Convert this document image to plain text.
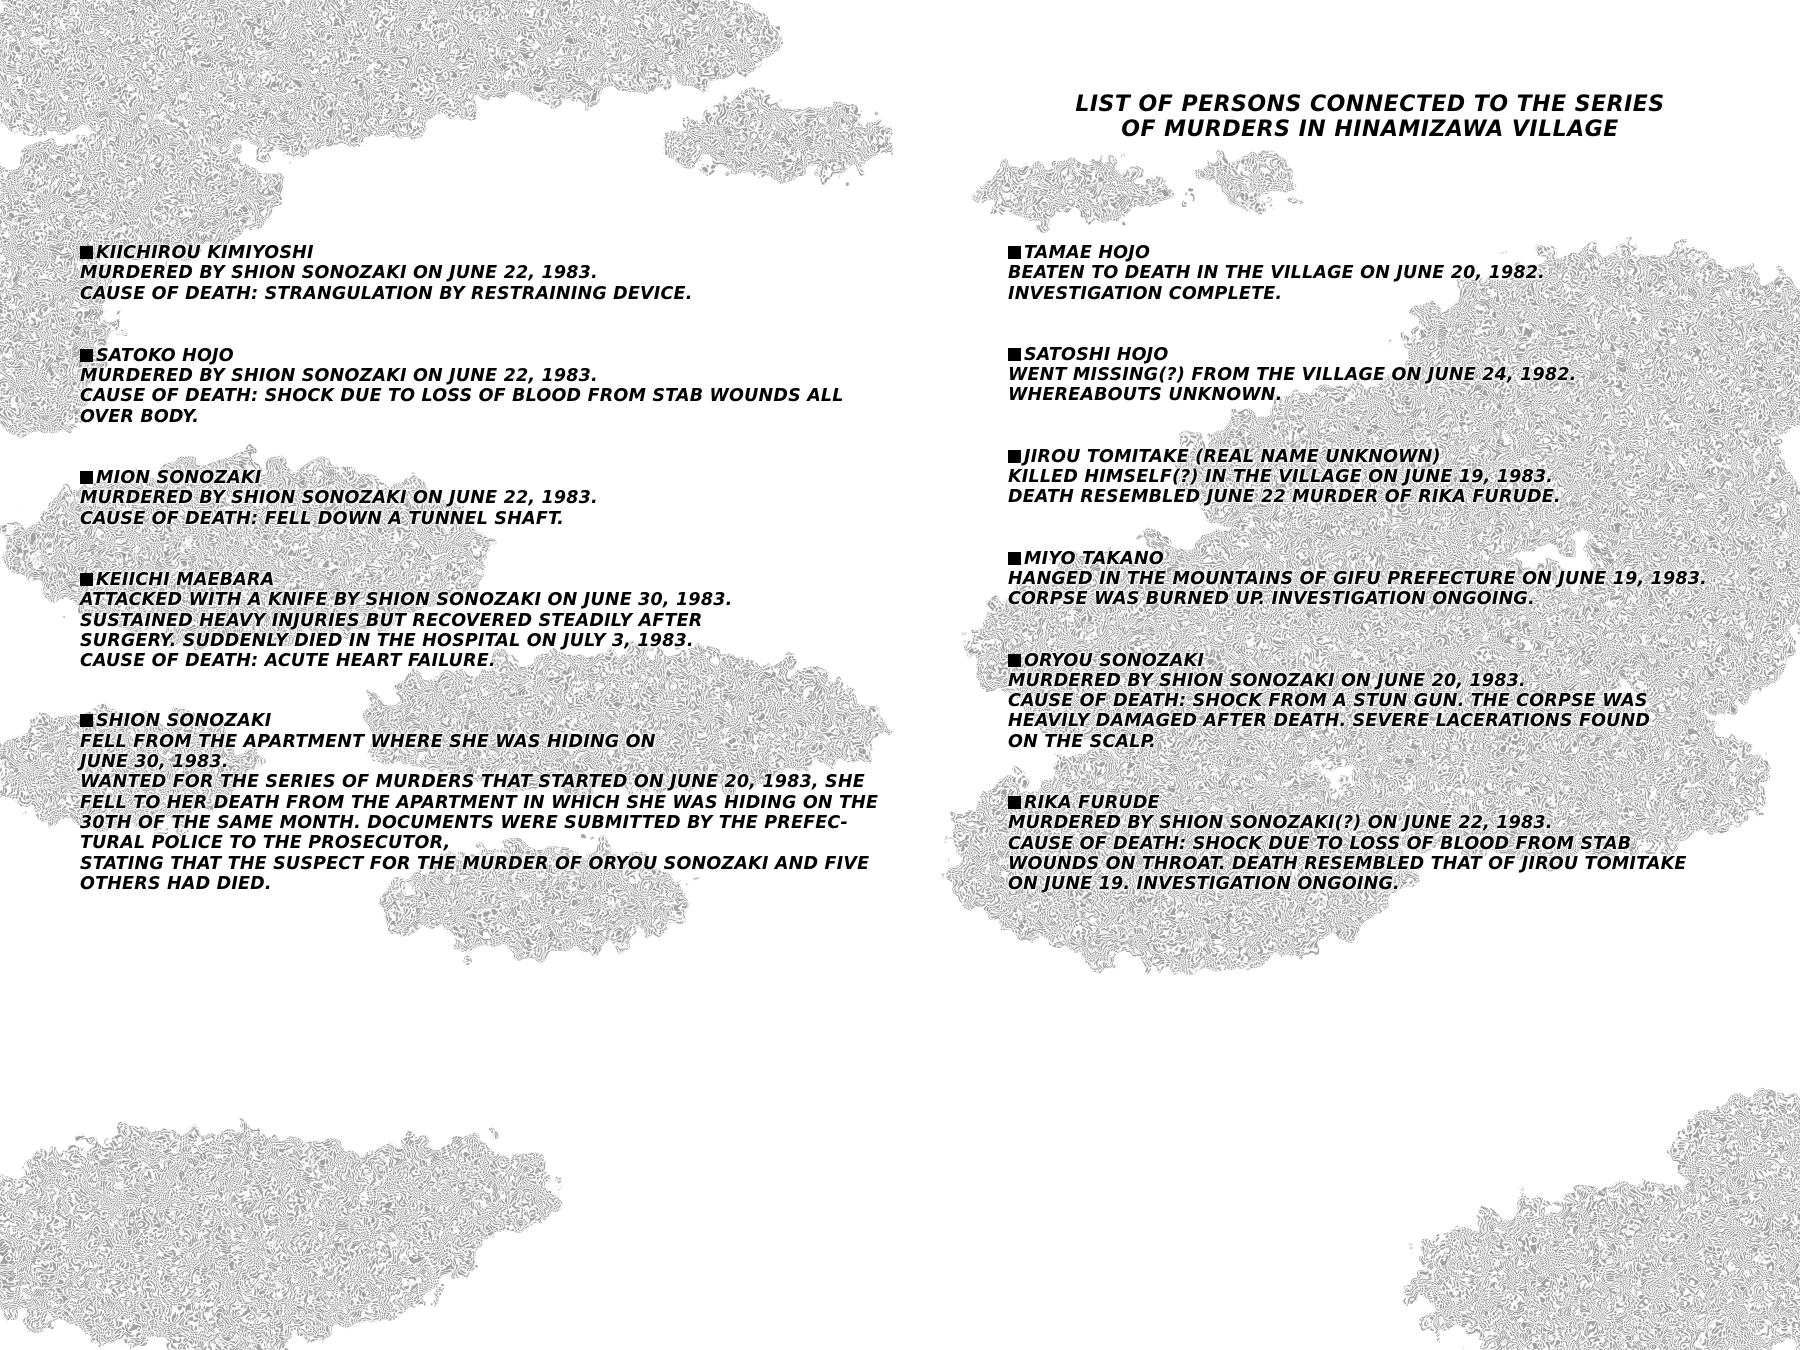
LIST OF PERSONS CONNECTED TO THE SERIES
OF MURDERS IN HINAMIZAWA VILLAGE
KIICHIROU KIMIYOSHI
MURDERED BY SHION SONOZAKI ON JUNE 22, 1983.
CAUSE OF DEATH: STRANGULATION BY RESTRAINING DEVICE.
SATOKO HOJO
MURDERED BY SHION SONOZAKI ON JUNE 22, 1983.
CAUSE OF DEATH: SHOCK DUE TO LOSS OF BLOOD FROM STAB WOUNDS ALL
OVER BODY.
MION SONOZAKI
MURDERED BY SHION SONOZAKI ON JUNE 22, 1983.
CAUSE OF DEATH: FELL DOWN A TUNNEL SHAFT.
KEIICHI MAEBARA
ATTACKED WITH A KNIFE BY SHION SONOZAKI ON JUNE 30, 1983.
SUSTAINED HEAVY INJURIES BUT RECOVERED STEADILY AFTER
SURGERY. SUDDENLY DIED IN THE HOSPITAL ON JULY 3, 1983.
CAUSE OF DEATH: ACUTE HEART FAILURE.
SHION SONOZAKI
FELL FROM THE APARTMENT WHERE SHE WAS HIDING ON
JUNE 30, 1983.
WANTED FOR THE SERIES OF MURDERS THAT STARTED ON JUNE 20, 1983, SHE
FELL TO HER DEATH FROM THE APARTMENT IN WHICH SHE WAS HIDING ON THE
30TH OF THE SAME MONTH. DOCUMENTS WERE SUBMITTED BY THE PREFEC-
TURAL POLICE TO THE PROSECUTOR,
STATING THAT THE SUSPECT FOR THE MURDER OF ORYOU SONOZAKI AND FIVE
OTHERS HAD DIED.
TAMAE HOJO
BEATEN TO DEATH IN THE VILLAGE ON JUNE 20, 1982.
INVESTIGATION COMPLETE.
SATOSHI HOJO
WENT MISSING(?) FROM THE VILLAGE ON JUNE 24, 1982.
WHEREABOUTS UNKNOWN.
JIROU TOMITAKE (REAL NAME UNKNOWN)
KILLED HIMSELF(?) IN THE VILLAGE ON JUNE 19, 1983.
DEATH RESEMBLED JUNE 22 MURDER OF RIKA FURUDE.
MIYO TAKANO
HANGED IN THE MOUNTAINS OF GIFU PREFECTURE ON JUNE 19, 1983.
CORPSE WAS BURNED UP. INVESTIGATION ONGOING.
ORYOU SONOZAKI
MURDERED BY SHION SONOZAKI ON JUNE 20, 1983.
CAUSE OF DEATH: SHOCK FROM A STUN GUN. THE CORPSE WAS
HEAVILY DAMAGED AFTER DEATH. SEVERE LACERATIONS FOUND
ON THE SCALP.
RIKA FURUDE
MURDERED BY SHION SONOZAKI(?) ON JUNE 22, 1983.
CAUSE OF DEATH: SHOCK DUE TO LOSS OF BLOOD FROM STAB
WOUNDS ON THROAT. DEATH RESEMBLED THAT OF JIROU TOMITAKE
ON JUNE 19. INVESTIGATION ONGOING.
